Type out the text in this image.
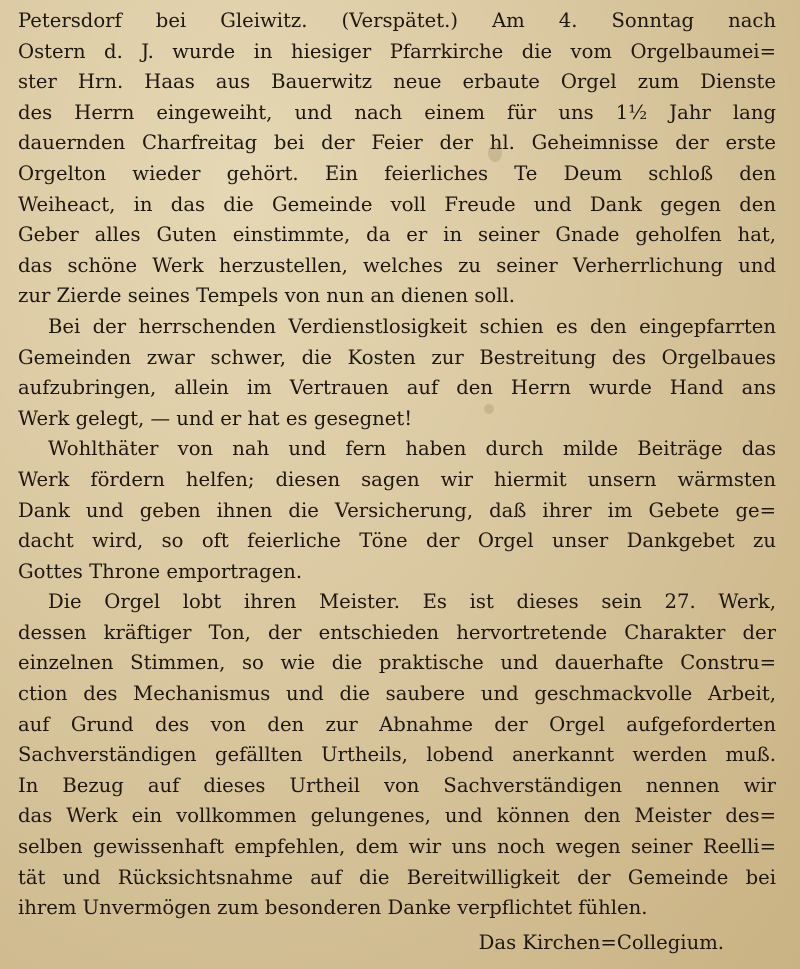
Petersdorf bei Gleiwitz. (Verspätet.) Am 4. Sonntag nach
Ostern d. J. wurde in hiesiger Pfarrkirche die vom Orgelbaumei=
ster Hrn. Haas aus Bauerwitz neue erbaute Orgel zum Dienste
des Herrn eingeweiht, und nach einem für uns 1½ Jahr lang
dauernden Charfreitag bei der Feier der hl. Geheimnisse der erste
Orgelton wieder gehört. Ein feierliches Te Deum schloß den
Weiheact, in das die Gemeinde voll Freude und Dank gegen den
Geber alles Guten einstimmte, da er in seiner Gnade geholfen hat,
das schöne Werk herzustellen, welches zu seiner Verherrlichung und
zur Zierde seines Tempels von nun an dienen soll.
Bei der herrschenden Verdienstlosigkeit schien es den eingepfarrten
Gemeinden zwar schwer, die Kosten zur Bestreitung des Orgelbaues
aufzubringen, allein im Vertrauen auf den Herrn wurde Hand ans
Werk gelegt, — und er hat es gesegnet!
Wohlthäter von nah und fern haben durch milde Beiträge das
Werk fördern helfen; diesen sagen wir hiermit unsern wärmsten
Dank und geben ihnen die Versicherung, daß ihrer im Gebete ge=
dacht wird, so oft feierliche Töne der Orgel unser Dankgebet zu
Gottes Throne emportragen.
Die Orgel lobt ihren Meister. Es ist dieses sein 27. Werk,
dessen kräftiger Ton, der entschieden hervortretende Charakter der
einzelnen Stimmen, so wie die praktische und dauerhafte Constru=
ction des Mechanismus und die saubere und geschmackvolle Arbeit,
auf Grund des von den zur Abnahme der Orgel aufgeforderten
Sachverständigen gefällten Urtheils, lobend anerkannt werden muß.
In Bezug auf dieses Urtheil von Sachverständigen nennen wir
das Werk ein vollkommen gelungenes, und können den Meister des=
selben gewissenhaft empfehlen, dem wir uns noch wegen seiner Reelli=
tät und Rücksichtsnahme auf die Bereitwilligkeit der Gemeinde bei
ihrem Unvermögen zum besonderen Danke verpflichtet fühlen.

Das Kirchen=Collegium.
